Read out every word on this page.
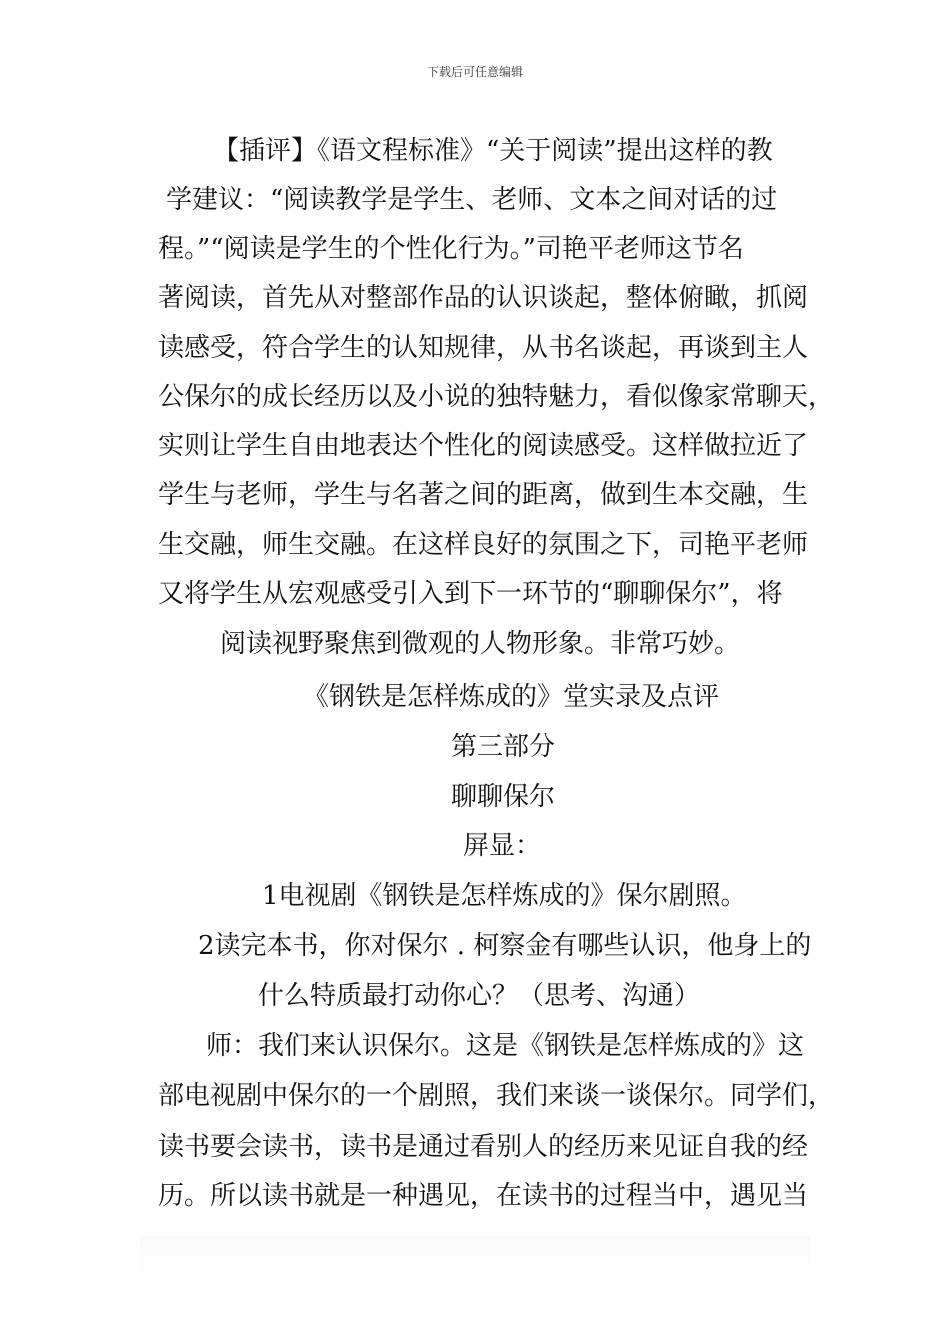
下载后可任意编辑
【插评】《语文程标准》“关于阅读”提出这样的教
学建议：“阅读教学是学生、老师、文本之间对话的过
程。”“阅读是学生的个性化行为。”司艳平老师这节名
著阅读，首先从对整部作品的认识谈起，整体俯瞰，抓阅
读感受，符合学生的认知规律，从书名谈起，再谈到主人
公保尔的成长经历以及小说的独特魅力，看似像家常聊天，
实则让学生自由地表达个性化的阅读感受。这样做拉近了
学生与老师，学生与名著之间的距离，做到生本交融，生
生交融，师生交融。在这样良好的氛围之下，司艳平老师
又将学生从宏观感受引入到下一环节的“聊聊保尔”，将
阅读视野聚焦到微观的人物形象。非常巧妙。
《钢铁是怎样炼成的》堂实录及点评
第三部分
聊聊保尔
屏显：
1电视剧《钢铁是怎样炼成的》保尔剧照。
2读完本书，你对保尔 . 柯察金有哪些认识，他身上的
什么特质最打动你心？（思考、沟通）
师：我们来认识保尔。这是《钢铁是怎样炼成的》这
部电视剧中保尔的一个剧照，我们来谈一谈保尔。同学们，
读书要会读书，读书是通过看别人的经历来见证自我的经
历。所以读书就是一种遇见，在读书的过程当中，遇见当
